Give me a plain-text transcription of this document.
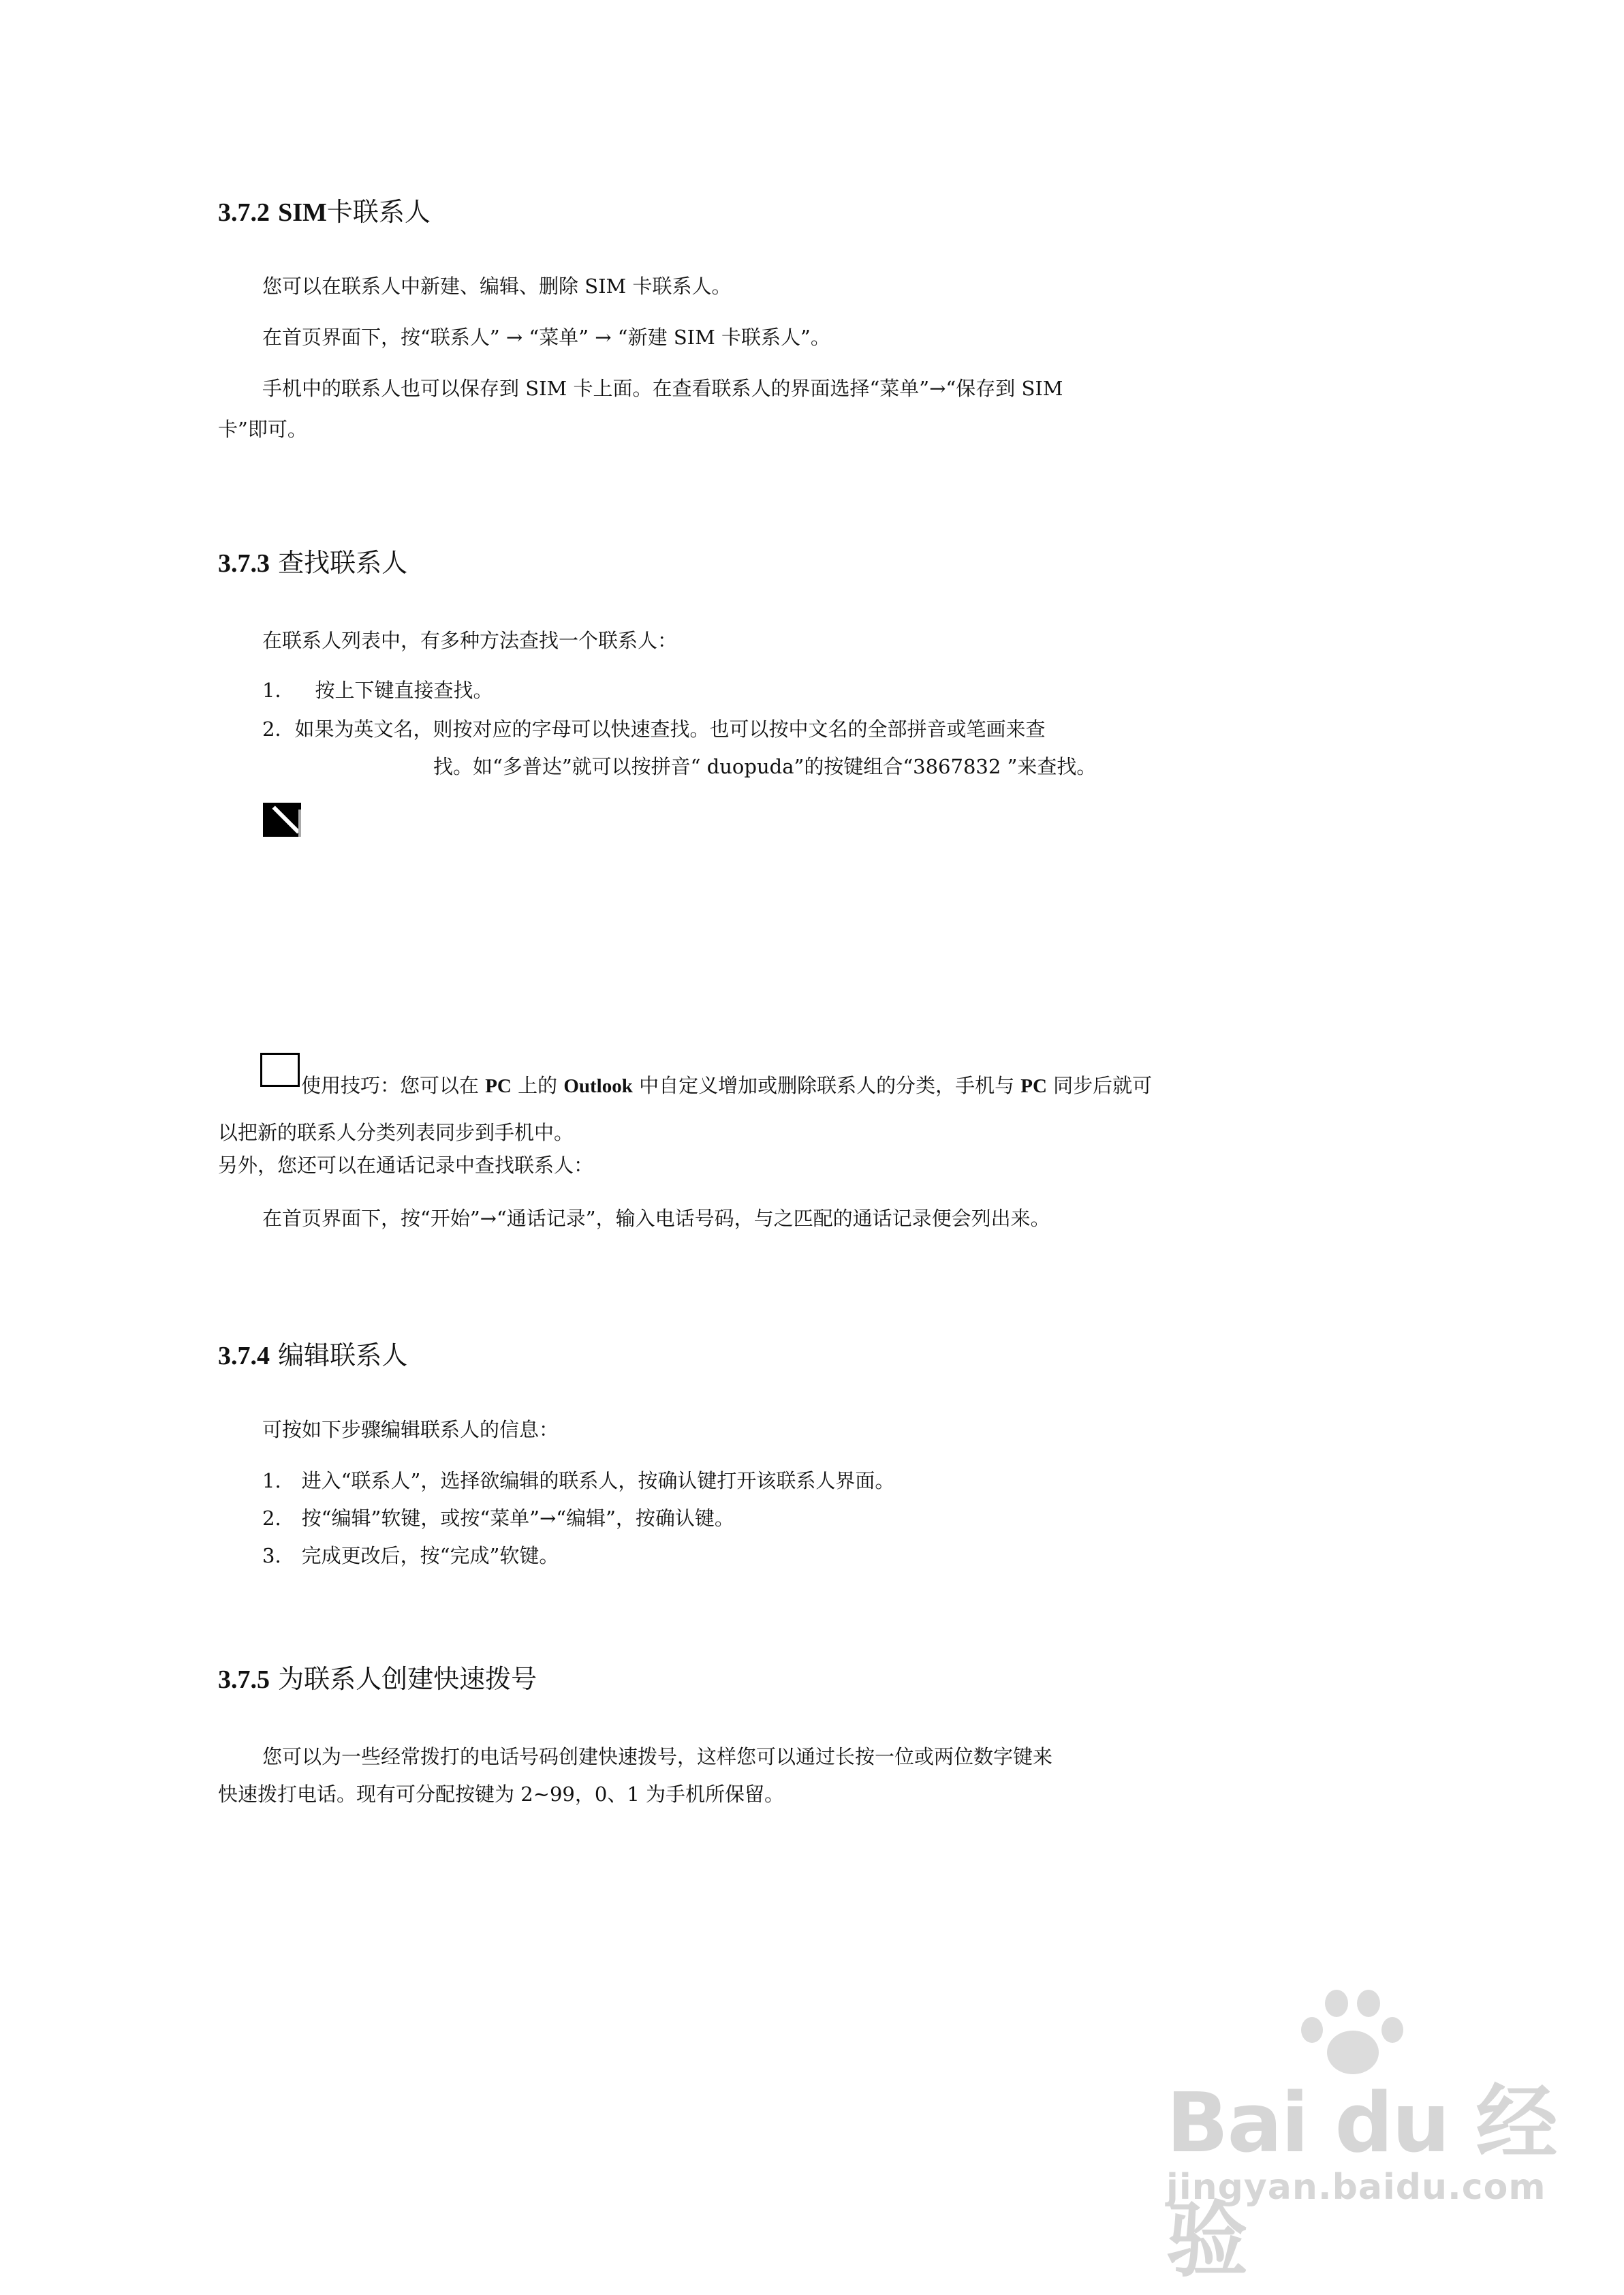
3.7.2 SIM卡联系人
您可以在联系人中新建、编辑、删除 SIM 卡联系人。
在首页界面下，按“联系人” → “菜单” → “新建 SIM 卡联系人”。
手机中的联系人也可以保存到 SIM 卡上面。在查看联系人的界面选择“菜单”→“保存到 SIM
卡”即可。
3.7.3 查找联系人
在联系人列表中，有多种方法查找一个联系人：
1． 按上下键直接查找。
2．如果为英文名，则按对应的字母可以快速查找。也可以按中文名的全部拼音或笔画来查
找。如“多普达”就可以按拼音“ duopuda”的按键组合“3867832 ”来查找。
使用技巧：您可以在 PC 上的 Outlook 中自定义增加或删除联系人的分类，手机与 PC 同步后就可
以把新的联系人分类列表同步到手机中。
另外，您还可以在通话记录中查找联系人：
在首页界面下，按“开始”→“通话记录”，输入电话号码，与之匹配的通话记录便会列出来。
3.7.4 编辑联系人
可按如下步骤编辑联系人的信息：
1. 进入“联系人”，选择欲编辑的联系人，按确认键打开该联系人界面。
2. 按“编辑”软键，或按“菜单”→“编辑”，按确认键。
3. 完成更改后，按“完成”软键。
3.7.5 为联系人创建快速拨号
您可以为一些经常拨打的电话号码创建快速拨号，这样您可以通过长按一位或两位数字键来
快速拨打电话。现有可分配按键为 2~99，0、1 为手机所保留。
Bai du 经验
jingyan.baidu.com
